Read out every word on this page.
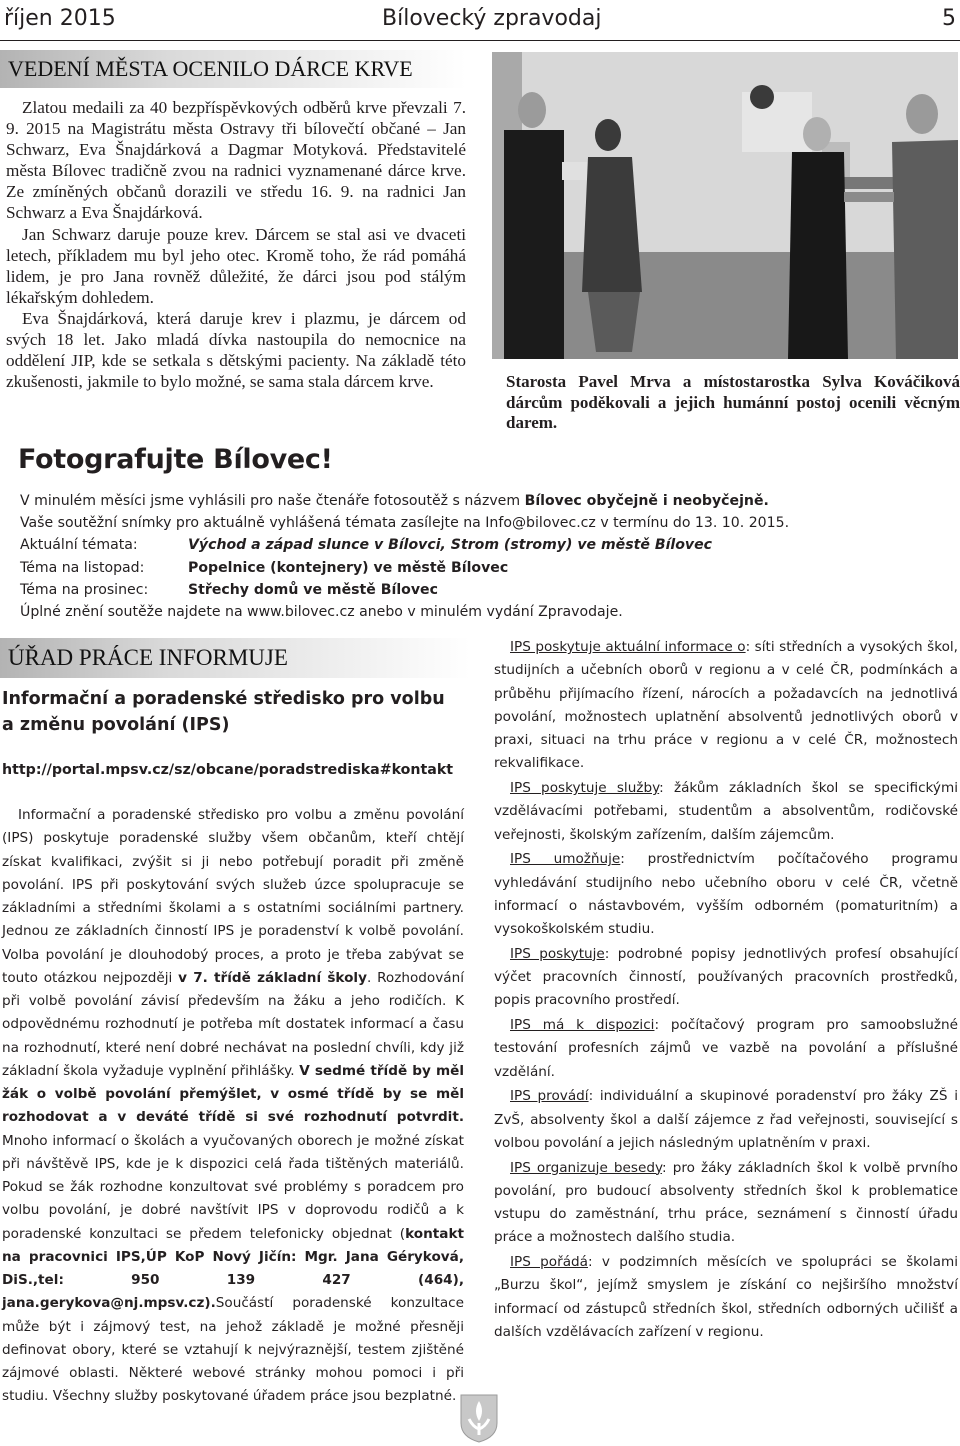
říjen 2015	Bílovecký zpravodaj	5
VEDENÍ MĚSTA OCENILO DÁRCE KRVE

Zlatou medaili za 40 bezpříspěvkových odběrů krve převzali 7. 9. 2015 na Magistrátu města Ostravy tři bílovečtí občané – Jan Schwarz, Eva Šnajdárková a Dagmar Motyková. Představitelé města Bílovec tradičně zvou na radnici vyznamenané dárce krve. Ze zmíněných občanů dorazili ve středu 16. 9. na radnici Jan Schwarz a Eva Šnajdárková.

Jan Schwarz daruje pouze krev. Dárcem se stal asi ve dvaceti letech, příkladem mu byl jeho otec. Kromě toho, že rád pomáhá lidem, je pro Jana rovněž důležité, že dárci jsou pod stálým lékařským dohledem.

Eva Šnajdárková, která daruje krev i plazmu, je dárcem od svých 18 let. Jako mladá dívka nastoupila do nemocnice na oddělení JIP, kde se setkala s dětskými pacienty. Na základě této zkušenosti, jakmile to bylo možné, se sama stala dárcem krve.	Starosta Pavel Mrva a místostarostka Sylva Kováčiková dárcům poděkovali a jejich humánní postoj ocenili věcným darem.
Fotografujte Bílovec!
V minulém měsíci jsme vyhlásili pro naše čtenáře fotosoutěž s názvem Bílovec obyčejně i neobyčejně.
Vaše soutěžní snímky pro aktuálně vyhlášená témata zasílejte na Info@bilovec.cz v termínu do 13. 10. 2015.
Aktuální témata:	Východ a západ slunce v Bílovci, Strom (stromy) ve městě Bílovec
Téma na listopad:	Popelnice (kontejnery) ve městě Bílovec
Téma na prosinec:	Střechy domů ve městě Bílovec
Úplné znění soutěže najdete na www.bilovec.cz anebo v minulém vydání Zpravodaje.
ÚŘAD PRÁCE INFORMUJE
Informační a poradenské středisko pro volbu a změnu povolání (IPS)
http://portal.mpsv.cz/sz/obcane/poradstrediska#kontakt

Informační a poradenské středisko pro volbu a změnu povolání (IPS) poskytuje poradenské služby všem občanům, kteří chtějí získat kvalifikaci, zvýšit si ji nebo potřebují poradit při změně povolání. IPS při poskytování svých služeb úzce spolupracuje se základními a středními školami a s ostatními sociálními partnery. Jednou ze základních činností IPS je poradenství k volbě povolání. Volba povolání je dlouhodobý proces, a proto je třeba zabývat se touto otázkou nejpozději v 7. třídě základní školy. Rozhodování při volbě povolání závisí především na žáku a jeho rodičích. K odpovědnému rozhodnutí je potřeba mít dostatek informací a času na rozhodnutí, které není dobré nechávat na poslední chvíli, kdy již základní škola vyžaduje vyplnění přihlášky. V sedmé třídě by měl žák o volbě povolání přemýšlet, v osmé třídě by se měl rozhodovat a v deváté třídě si své rozhodnutí potvrdit. Mnoho informací o školách a vyučovaných oborech je možné získat při návštěvě IPS, kde je k dispozici celá řada tištěných materiálů. Pokud se žák rozhodne konzultovat své problémy s poradcem pro volbu povolání, je dobré navštívit IPS v doprovodu rodičů a k poradenské konzultaci se předem telefonicky objednat (kontakt na pracovnici IPS,ÚP KoP Nový Jičín: Mgr. Jana Géryková, DiS.,tel: 950 139 427 (464), jana.gerykova@nj.mpsv.cz).Součástí poradenské konzultace může být i zájmový test, na jehož základě je možné přesněji definovat obory, které se vztahují k nejvýraznější, testem zjištěné zájmové oblasti. Některé webové stránky mohou pomoci i při studiu. Všechny služby poskytované úřadem práce jsou bezplatné.

IPS poskytuje aktuální informace o: síti středních a vysokých škol, studijních a učebních oborů v regionu a v celé ČR, podmínkách a průběhu přijímacího řízení, nárocích a požadavcích na jednotlivá povolání, možnostech uplatnění absolventů jednotlivých oborů v praxi, situaci na trhu práce v regionu a v celé ČR, možnostech rekvalifikace.

IPS poskytuje služby: žákům základních škol se specifickými vzdělávacími potřebami, studentům a absolventům, rodičovské veřejnosti, školským zařízením, dalším zájemcům.

IPS umožňuje: prostřednictvím počítačového programu vyhledávání studijního nebo učebního oboru v celé ČR, včetně informací o nástavbovém, vyšším odborném (pomaturitním) a vysokoškolském studiu.

IPS poskytuje: podrobné popisy jednotlivých profesí obsahující výčet pracovních činností, používaných pracovních prostředků, popis pracovního prostředí.

IPS má k dispozici: počítačový program pro samoobslužné testování profesních zájmů ve vazbě na povolání a příslušné vzdělání.

IPS provádí: individuální a skupinové poradenství pro žáky ZŠ i ZvŠ, absolventy škol a další zájemce z řad veřejnosti, související s volbou povolání a jejich následným uplatněním v praxi.

IPS organizuje besedy: pro žáky základních škol k volbě prvního povolání, pro budoucí absolventy středních škol k problematice vstupu do zaměstnání, trhu práce, seznámení s činností úřadu práce a možnostech dalšího studia.

IPS pořádá: v podzimních měsících ve spolupráci se školami „Burzu škol“, jejímž smyslem je získání co nejširšího množství informací od zástupců středních škol, středních odborných učilišť a dalších vzdělávacích zařízení v regionu.
